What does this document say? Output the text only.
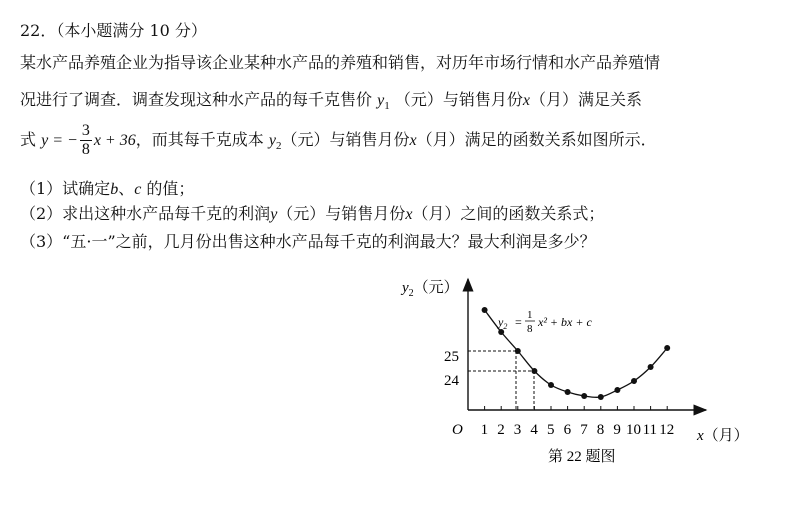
22．（本小题满分 10 分）
某水产品养殖企业为指导该企业某种水产品的养殖和销售，对历年市场行情和水产品养殖情
况进行了调查．调查发现这种水产品的每千克售价 $y_1$ （元）与销售月份x（月）满足关系
式 y = − $\frac{3}{8}$ x + 36，而其每千克成本 $y_2$（元）与销售月份x（月）满足的函数关系如图所示．
（1）试确定b、c 的值；
（2）求出这种水产品每千克的利润y（元）与销售月份x（月）之间的函数关系式；
（3）“五·一”之前，几月份出售这种水产品每千克的利润最大？最大利润是多少？
$y_2$（元）
x（月）
O
25
24
1 2 3 4 5 6 7 8 9 10 11 12
$y_2 = 1$
8 x² + bx + c
第 22 题图
